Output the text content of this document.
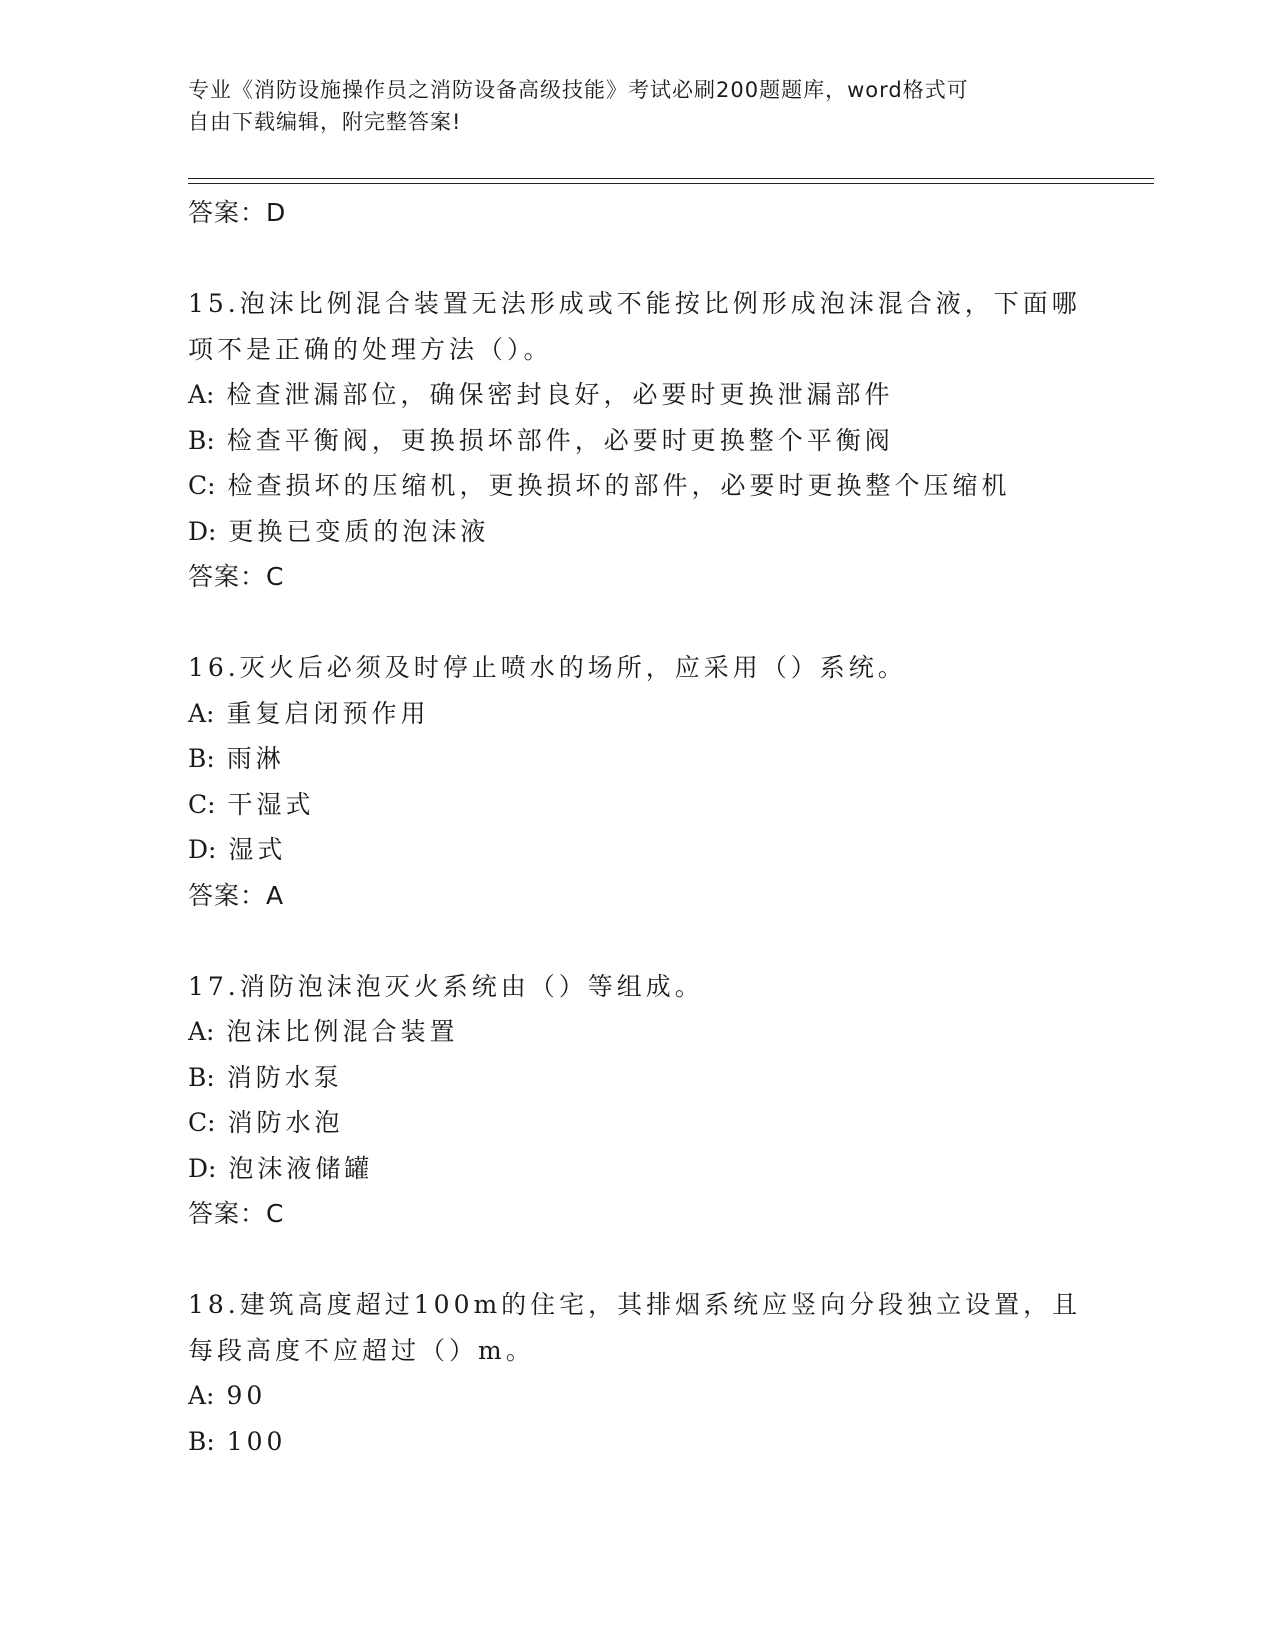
专业《消防设施操作员之消防设备高级技能》考试必刷200题题库，word格式可
自由下载编辑，附完整答案!
答案：D
15.泡沫比例混合装置无法形成或不能按比例形成泡沫混合液，下面哪
项不是正确的处理方法（）。
A: 检查泄漏部位，确保密封良好，必要时更换泄漏部件
B: 检查平衡阀，更换损坏部件，必要时更换整个平衡阀
C: 检查损坏的压缩机，更换损坏的部件，必要时更换整个压缩机
D: 更换已变质的泡沫液
答案：C
16.灭火后必须及时停止喷水的场所，应采用（）系统。
A: 重复启闭预作用
B: 雨淋
C: 干湿式
D: 湿式
答案：A
17.消防泡沫泡灭火系统由（）等组成。
A: 泡沫比例混合装置
B: 消防水泵
C: 消防水泡
D: 泡沫液储罐
答案：C
18.建筑高度超过100m的住宅，其排烟系统应竖向分段独立设置，且
每段高度不应超过（）m。
A: 90
B: 100
